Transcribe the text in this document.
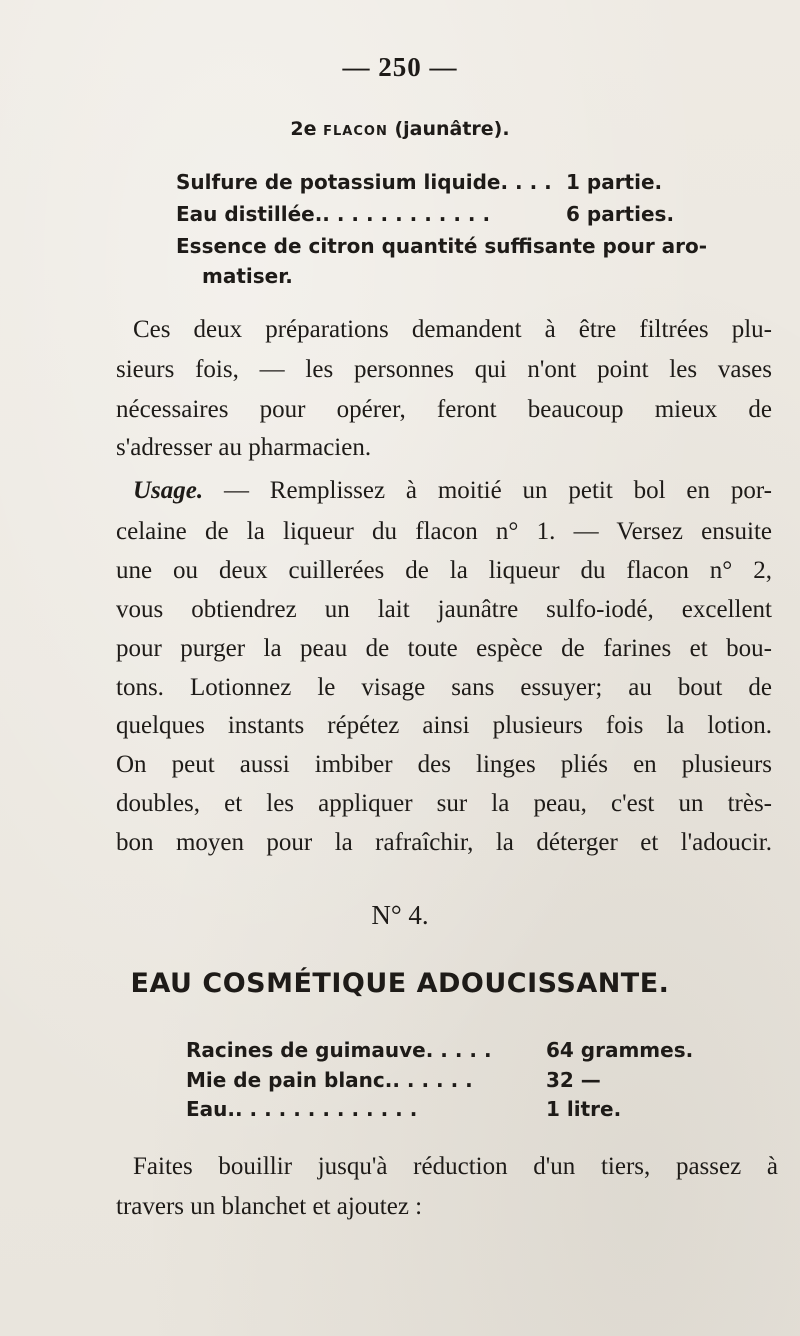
— 250 —
2e FLACON (jaunâtre).
Sulfure de potassium liquide. . . . 1 partie.
Eau distillée.. . . . . . . . . . . .	6 parties.
Essence de citron quantité suffisante pour aro-
matiser.
Ces deux préparations demandent à être filtrées plu-
sieurs fois, — les personnes qui n'ont point les vases
nécessaires pour opérer, feront beaucoup mieux de
s'adresser au pharmacien.
Usage. — Remplissez à moitié un petit bol en por-
celaine de la liqueur du flacon n° 1. — Versez ensuite
une ou deux cuillerées de la liqueur du flacon n° 2,
vous obtiendrez un lait jaunâtre sulfo-iodé, excellent
pour purger la peau de toute espèce de farines et bou-
tons. Lotionnez le visage sans essuyer; au bout de
quelques instants répétez ainsi plusieurs fois la lotion.
On peut aussi imbiber des linges pliés en plusieurs
doubles, et les appliquer sur la peau, c'est un très-
bon moyen pour la rafraîchir, la déterger et l'adoucir.
N° 4.
EAU COSMÉTIQUE ADOUCISSANTE.
Racines de guimauve. . . . .	64 grammes.
Mie de pain blanc.. . . . . .	32 —
Eau.. . . . . . . . . . . . .	1 litre.
Faites bouillir jusqu'à réduction d'un tiers, passez à
travers un blanchet et ajoutez :
